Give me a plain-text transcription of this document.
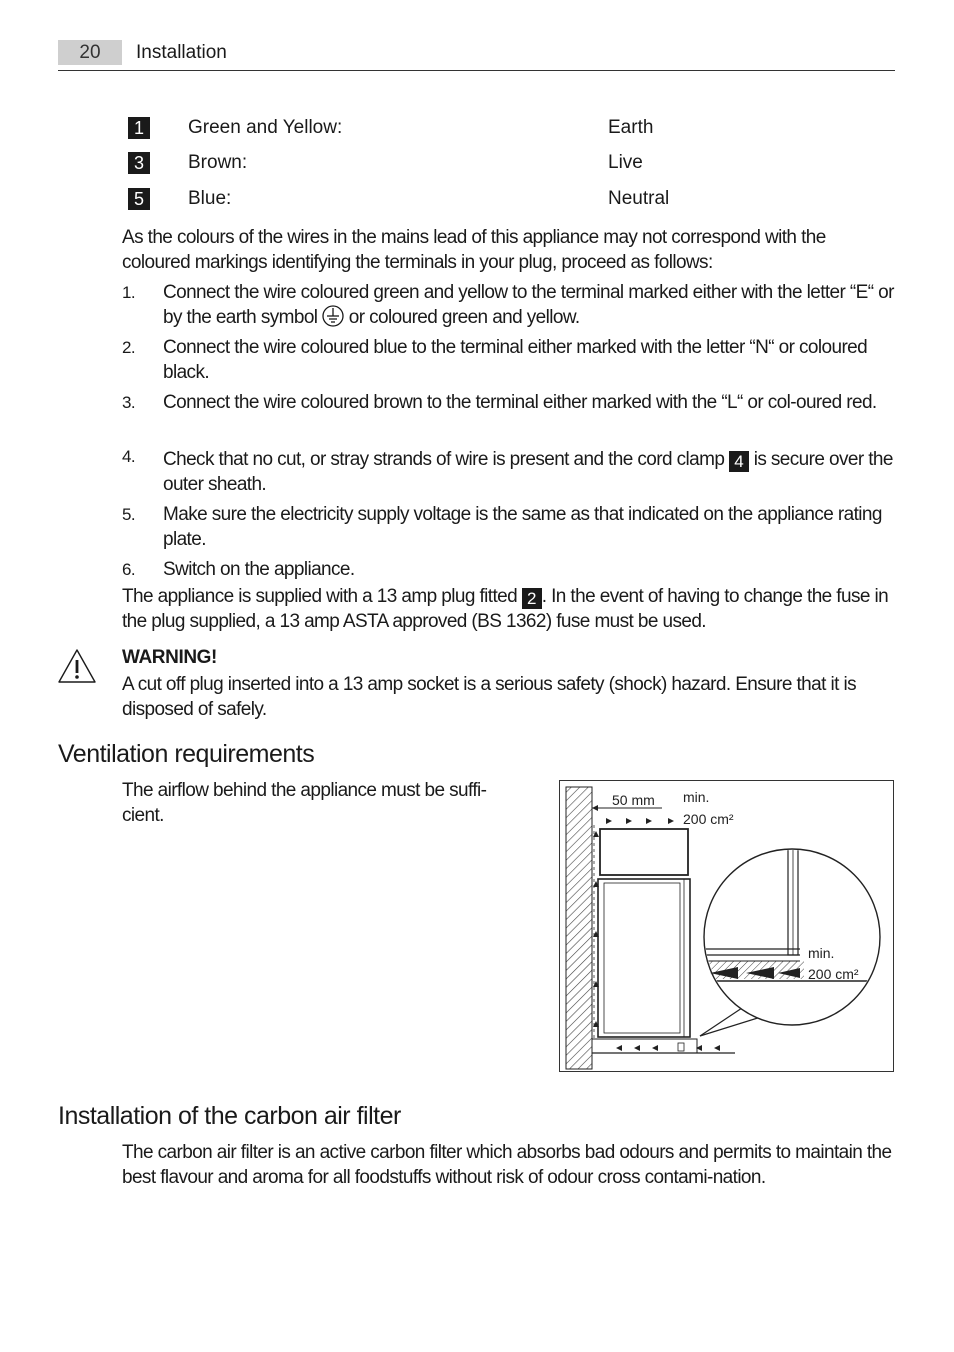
20	Installation
1	Green and Yellow:	Earth
3	Brown:	Live
5	Blue:	Neutral
As the colours of the wires in the mains lead of this appliance may not correspond with the coloured markings identifying the terminals in your plug, proceed as follows:
1.	Connect the wire coloured green and yellow to the terminal marked either with the letter “E“ or by the earth symbol or coloured green and yellow.
2.	Connect the wire coloured blue to the terminal either marked with the letter “N“ or coloured black.
3.	Connect the wire coloured brown to the terminal either marked with the “L“ or col-oured red.
4.	Check that no cut, or stray strands of wire is present and the cord clamp 4 is secure over the outer sheath.
5.	Make sure the electricity supply voltage is the same as that indicated on the appliance rating plate.
6.	Switch on the appliance.
The appliance is supplied with a 13 amp plug fitted 2 . In the event of having to change the fuse in the plug supplied, a 13 amp ASTA approved (BS 1362) fuse must be used.
WARNING!
A cut off plug inserted into a 13 amp socket is a serious safety (shock) hazard. Ensure that it is disposed of safely.
Ventilation requirements
The airflow behind the appliance must be suffi-cient.
50 mm min.
200 cm²
min.
200 cm²
Installation of the carbon air filter
The carbon air filter is an active carbon filter which absorbs bad odours and permits to maintain the best flavour and aroma for all foodstuffs without risk of odour cross contami-nation.
